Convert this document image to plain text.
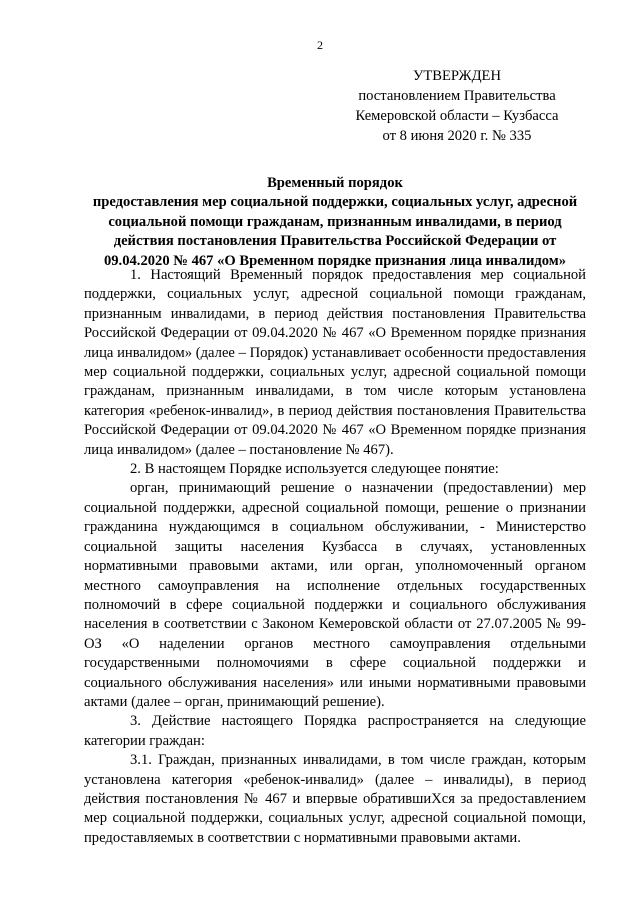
2
УТВЕРЖДЕН
постановлением Правительства
Кемеровской области – Кузбасса
от 8 июня 2020 г. № 335
Временный порядок
предоставления мер социальной поддержки, социальных услуг, адресной социальной помощи гражданам, признанным инвалидами, в период действия постановления Правительства Российской Федерации от 09.04.2020 № 467 «О Временном порядке признания лица инвалидом»

1. Настоящий Временный порядок предоставления мер социальной поддержки, социальных услуг, адресной социальной помощи гражданам, признанным инвалидами, в период действия постановления Правительства Российской Федерации от 09.04.2020 № 467 «О Временном порядке признания лица инвалидом» (далее – Порядок) устанавливает особенности предоставления мер социальной поддержки, социальных услуг, адресной социальной помощи гражданам, признанным инвалидами, в том числе которым установлена категория «ребенок-инвалид», в период действия постановления Правительства Российской Федерации от 09.04.2020 № 467 «О Временном порядке признания лица инвалидом» (далее – постановление № 467).

2. В настоящем Порядке используется следующее понятие:

орган, принимающий решение о назначении (предоставлении) мер социальной поддержки, адресной социальной помощи, решение о признании гражданина нуждающимся в социальном обслуживании, - Министерство социальной защиты населения Кузбасса в случаях, установленных нормативными правовыми актами, или орган, уполномоченный органом местного самоуправления на исполнение отдельных государственных полномочий в сфере социальной поддержки и социального обслуживания населения в соответствии с Законом Кемеровской области от 27.07.2005 № 99-ОЗ «О наделении органов местного самоуправления отдельными государственными полномочиями в сфере социальной поддержки и социального обслуживания населения» или иными нормативными правовыми актами (далее – орган, принимающий решение).

3. Действие настоящего Порядка распространяется на следующие категории граждан:

3.1. Граждан, признанных инвалидами, в том числе граждан, которым установлена категория «ребенок-инвалид» (далее – инвалиды), в период действия постановления № 467 и впервые обратившиХся за предоставлением мер социальной поддержки, социальных услуг, адресной социальной помощи, предоставляемых в соответствии с нормативными правовыми актами.
